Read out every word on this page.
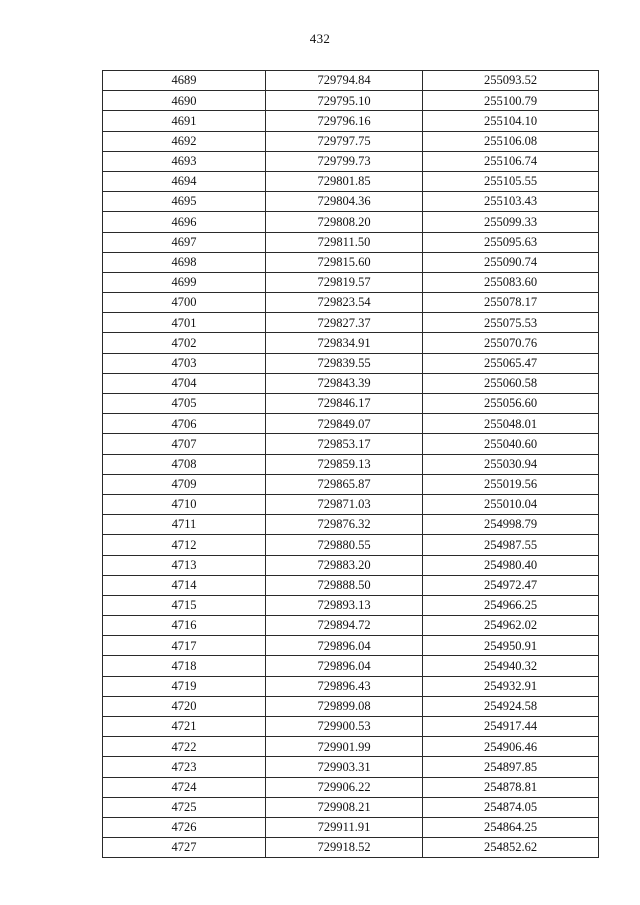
432
4689	729794.84	255093.52
4690	729795.10	255100.79
4691	729796.16	255104.10
4692	729797.75	255106.08
4693	729799.73	255106.74
4694	729801.85	255105.55
4695	729804.36	255103.43
4696	729808.20	255099.33
4697	729811.50	255095.63
4698	729815.60	255090.74
4699	729819.57	255083.60
4700	729823.54	255078.17
4701	729827.37	255075.53
4702	729834.91	255070.76
4703	729839.55	255065.47
4704	729843.39	255060.58
4705	729846.17	255056.60
4706	729849.07	255048.01
4707	729853.17	255040.60
4708	729859.13	255030.94
4709	729865.87	255019.56
4710	729871.03	255010.04
4711	729876.32	254998.79
4712	729880.55	254987.55
4713	729883.20	254980.40
4714	729888.50	254972.47
4715	729893.13	254966.25
4716	729894.72	254962.02
4717	729896.04	254950.91
4718	729896.04	254940.32
4719	729896.43	254932.91
4720	729899.08	254924.58
4721	729900.53	254917.44
4722	729901.99	254906.46
4723	729903.31	254897.85
4724	729906.22	254878.81
4725	729908.21	254874.05
4726	729911.91	254864.25
4727	729918.52	254852.62
